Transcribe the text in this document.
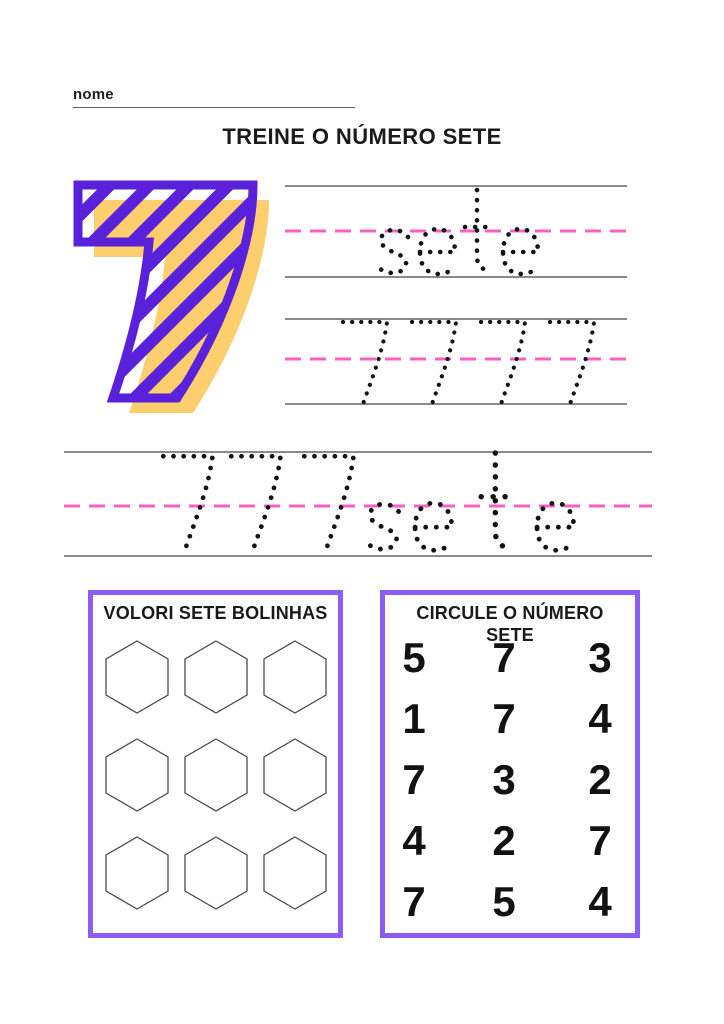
nome
TREINE O NÚMERO SETE
VOLORI SETE BOLINHAS	CIRCULE O NÚMERO SETE
5 7 3
1 7 4
7 3 2
4 2 7
7 5 4
